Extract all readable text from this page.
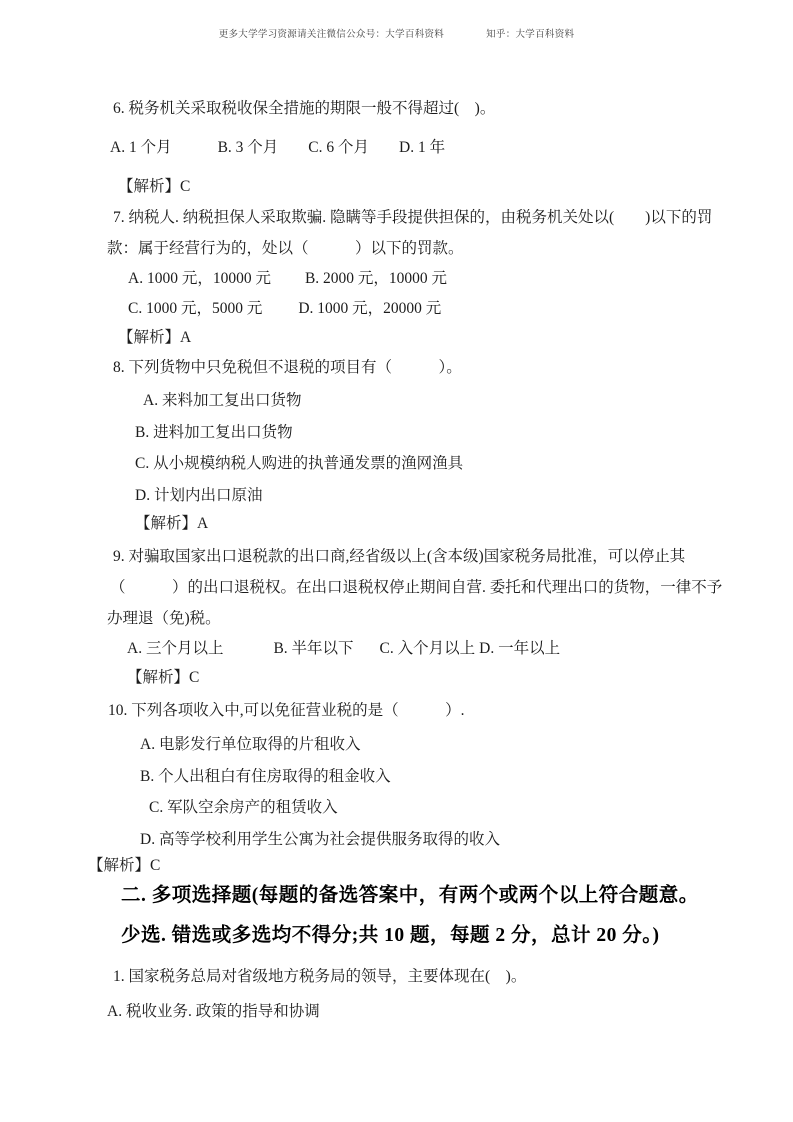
更多大学学习资源请关注微信公众号：大学百科资料	知乎：大学百科资料
6. 税务机关采取税收保全措施的期限一般不得超过(　)。
A. 1 个月	B. 3 个月 C. 6 个月 D. 1 年
【解析】C
7. 纳税人. 纳税担保人采取欺骗. 隐瞒等手段提供担保的，由税务机关处以(　　)以下的罚
款：属于经营行为的，处以（　　　）以下的罚款。
A. 1000 元，10000 元 B. 2000 元，10000 元
C. 1000 元，5000 元 D. 1000 元，20000 元
【解析】A
8. 下列货物中只免税但不退税的项目有（　　　）。
A. 来料加工复出口货物
B. 进料加工复出口货物
C. 从小规模纳税人购进的执普通发票的渔网渔具
D. 计划内出口原油
【解析】A
9. 对骗取国家出口退税款的出口商,经省级以上(含本级)国家税务局批准，可以停止其
（　　　）的出口退税权。在出口退税权停止期间自营. 委托和代理出口的货物，一律不予
办理退（免)税。
A. 三个月以上	B. 半年以下 C. 入个月以上 D. 一年以上
【解析】C
10. 下列各项收入中,可以免征营业税的是（　　　）.
A. 电影发行单位取得的片租收入
B. 个人出租白有住房取得的租金收入
C. 军队空余房产的租赁收入
D. 高等学校利用学生公寓为社会提供服务取得的收入
【解析】C
二. 多项选择题(每题的备选答案中，有两个或两个以上符合题意。
少选. 错选或多选均不得分;共 10 题，每题 2 分，总计 20 分。)
1. 国家税务总局对省级地方税务局的领导，主要体现在(　)。
A. 税收业务. 政策的指导和协调
